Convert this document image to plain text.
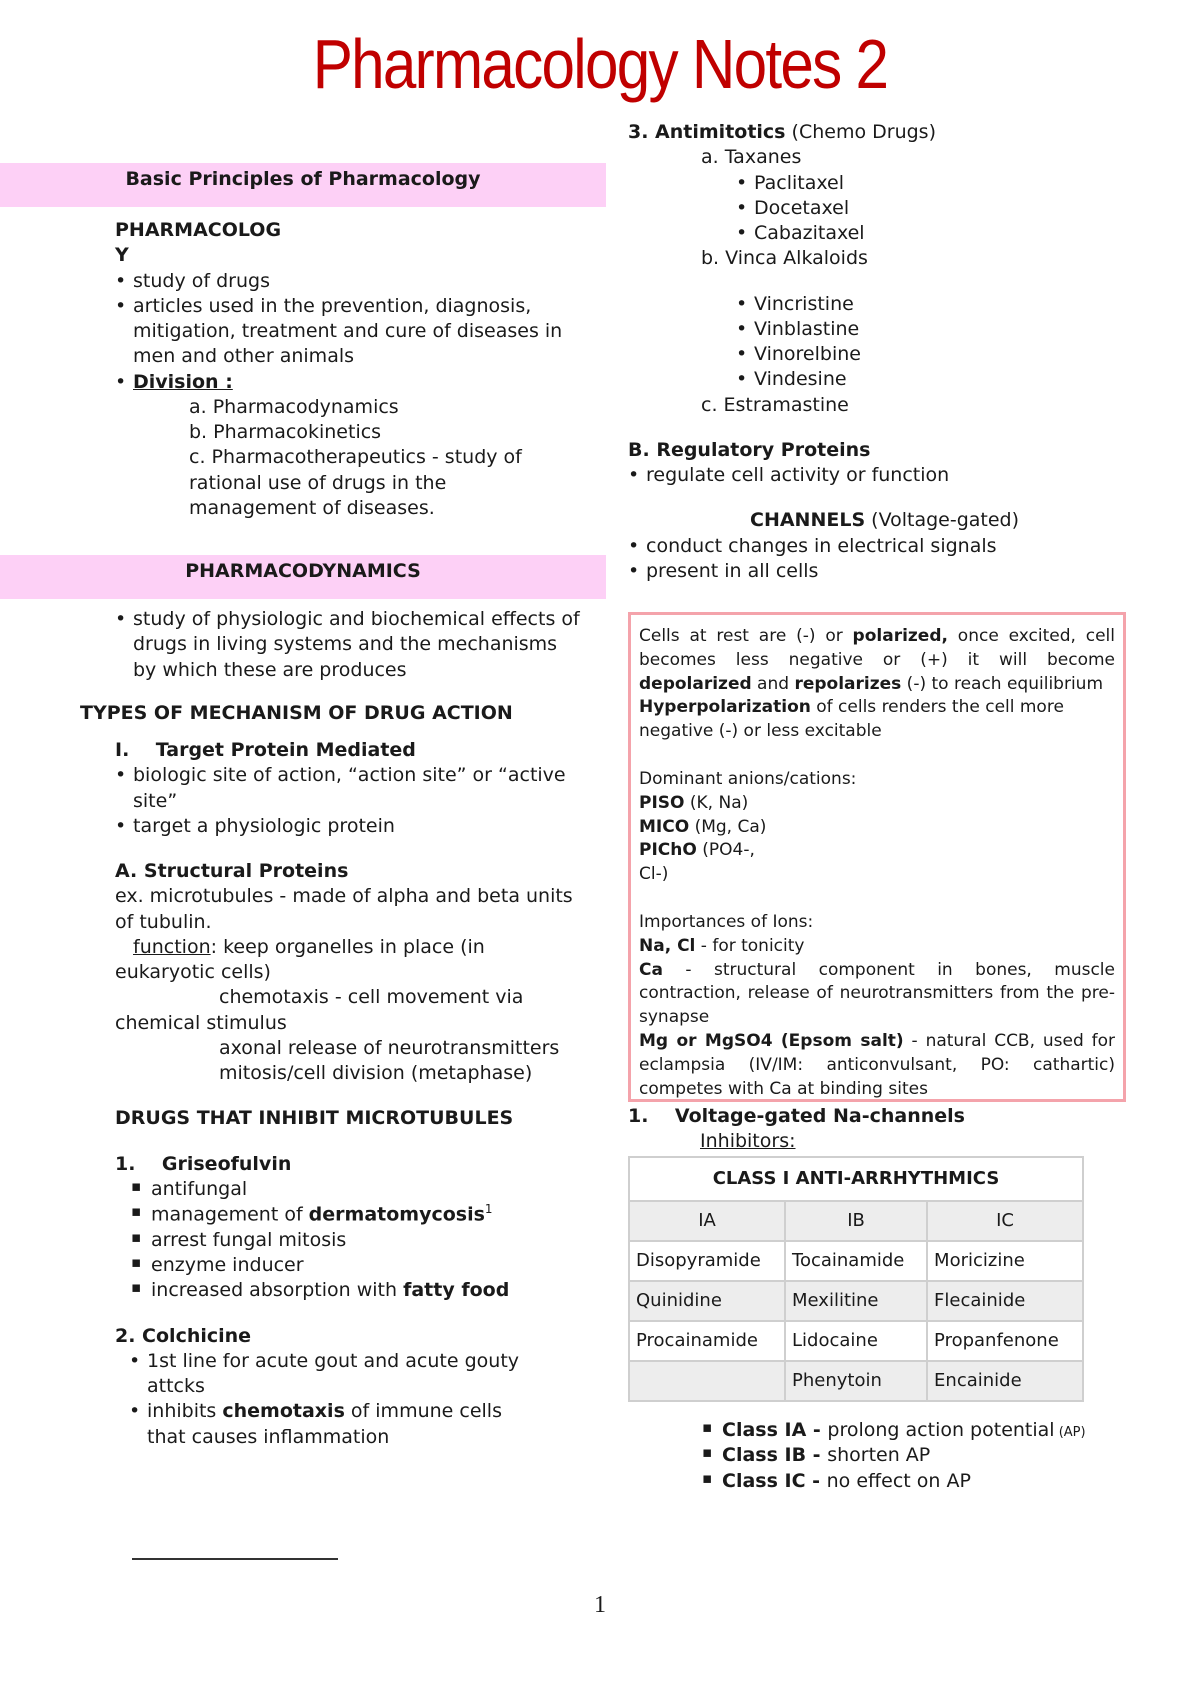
Pharmacology Notes 2
Basic Principles of Pharmacology
PHARMACOLOG
Y
• study of drugs
• articles used in the prevention, diagnosis, mitigation, treatment and cure of diseases in men and other animals
• Division :
a. Pharmacodynamics
b. Pharmacokinetics
c. Pharmacotherapeutics - study of rational use of drugs in the management of diseases.
PHARMACODYNAMICS
• study of physiologic and biochemical effects of drugs in living systems and the mechanisms by which these are produces
TYPES OF MECHANISM OF DRUG ACTION
I.    Target Protein Mediated
• biologic site of action, “action site” or “active site”
• target a physiologic protein
A. Structural Proteins
ex. microtubules - made of alpha and beta units of tubulin.
function: keep organelles in place (in eukaryotic cells)
chemotaxis - cell movement via
chemical stimulus
axonal release of neurotransmitters
mitosis/cell division (metaphase)
DRUGS THAT INHIBIT MICROTUBULES
1.    Griseofulvin
▪ antifungal
▪ management of dermatomycosis$^1$
▪ arrest fungal mitosis
▪ enzyme inducer
▪ increased absorption with fatty food
2. Colchicine
• 1st line for acute gout and acute gouty attcks
• inhibits chemotaxis of immune cells that causes inflammation
3. Antimitotics (Chemo Drugs)
a. Taxanes
• Paclitaxel
• Docetaxel
• Cabazitaxel
b. Vinca Alkaloids
• Vincristine
• Vinblastine
• Vinorelbine
• Vindesine
c. Estramastine
B. Regulatory Proteins
• regulate cell activity or function
CHANNELS (Voltage-gated)
• conduct changes in electrical signals
• present in all cells
Cells at rest are (-) or polarized, once excited, cell becomes less negative or (+) it will become depolarized and repolarizes (-) to reach equilibrium
Hyperpolarization of cells renders the cell more negative (-) or less excitable
Dominant anions/cations:
PISO (K, Na)
MICO (Mg, Ca)
PIChO (PO4-,
Cl-)
Importances of Ions:
Na, Cl - for tonicity
Ca - structural component in bones, muscle contraction, release of neurotransmitters from the pre-synapse
Mg or MgSO4 (Epsom salt) - natural CCB, used for eclampsia (IV/IM: anticonvulsant, PO: cathartic) competes with Ca at binding sites
1.    Voltage-gated Na-channels
Inhibitors:
CLASS I ANTI-ARRHYTHMICS		
IA	IB	IC
Disopyramide	Tocainamide	Moricizine
Quinidine	Mexilitine	Flecainide
Procainamide	Lidocaine	Propanfenone
	Phenytoin	Encainide
▪ Class IA - prolong action potential (AP)
▪ Class IB - shorten AP
▪ Class IC - no effect on AP
1
